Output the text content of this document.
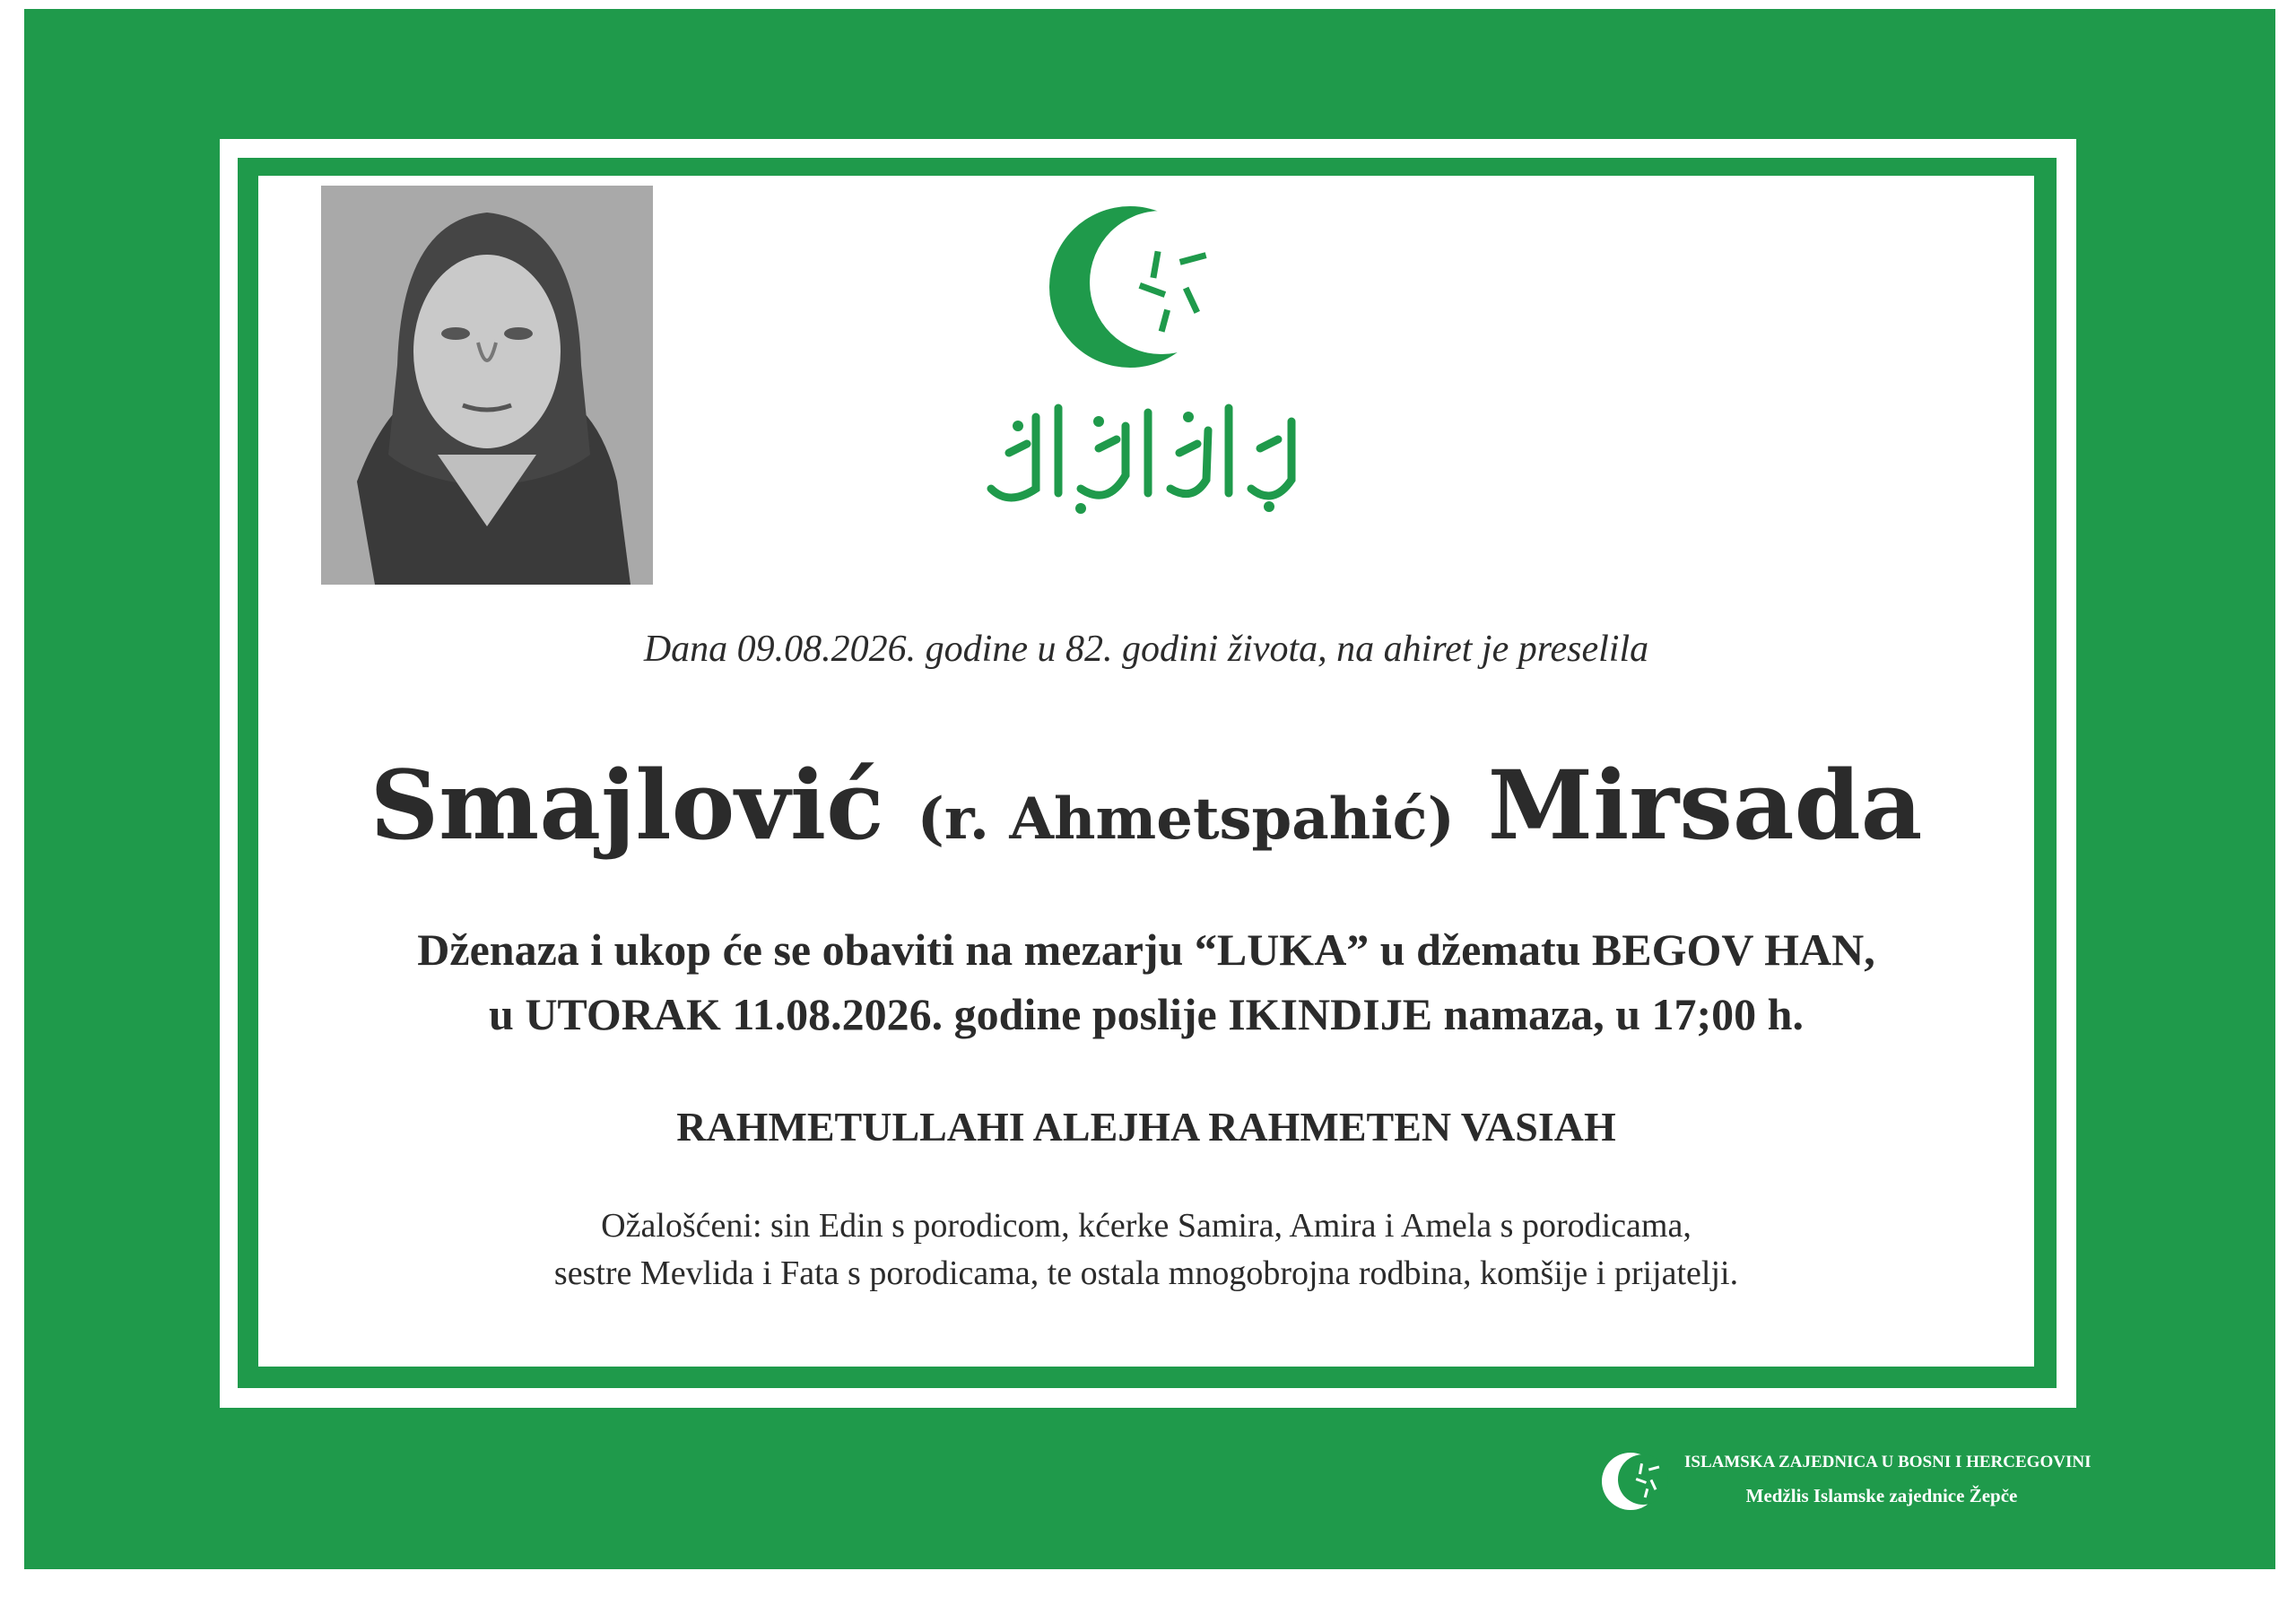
Dana 09.08.2026. godine u 82. godini života, na ahiret je preselila
Smajlović (r. Ahmetspahić) Mirsada
Dženaza i ukop će se obaviti na mezarju “LUKA” u džematu BEGOV HAN,
u UTORAK 11.08.2026. godine poslije IKINDIJE namaza, u 17;00 h.
RAHMETULLAHI ALEJHA RAHMETEN VASIAH
Ožalošćeni: sin Edin s porodicom, kćerke Samira, Amira i Amela s porodicama,
sestre Mevlida i Fata s porodicama, te ostala mnogobrojna rodbina, komšije i prijatelji.
ISLAMSKA ZAJEDNICA U BOSNI I HERCEGOVINI
Medžlis Islamske zajednice Žepče
